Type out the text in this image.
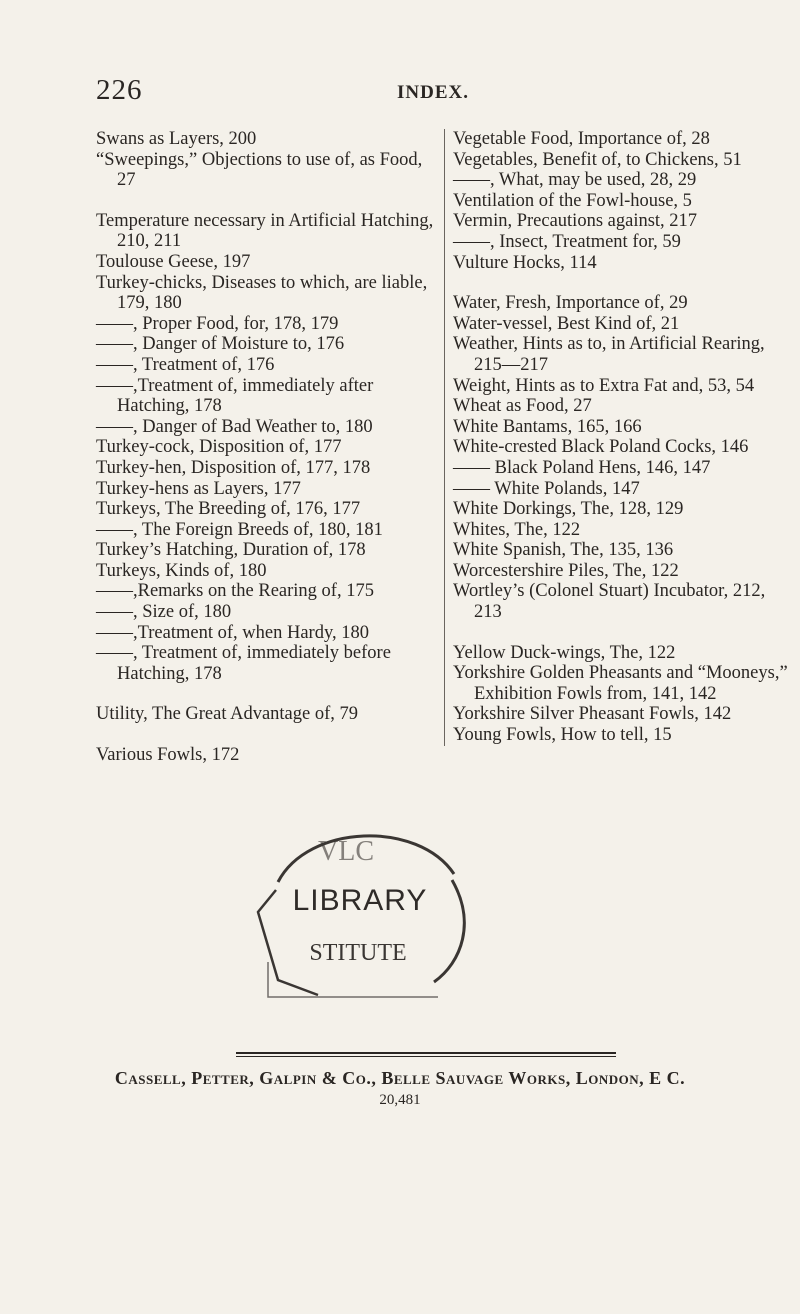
226	INDEX.
Swans as Layers, 200
“Sweepings,” Objections to use of, as Food, 27
Temperature necessary in Artificial Hatching, 210, 211
Toulouse Geese, 197
Turkey-chicks, Diseases to which, are liable, 179, 180
——, Proper Food, for, 178, 179
——, Danger of Moisture to, 176
——, Treatment of, 176
——,Treatment of, immediately after Hatching, 178
——, Danger of Bad Weather to, 180
Turkey-cock, Disposition of, 177
Turkey-hen, Disposition of, 177, 178
Turkey-hens as Layers, 177
Turkeys, The Breeding of, 176, 177
——, The Foreign Breeds of, 180, 181
Turkey’s Hatching, Duration of, 178
Turkeys, Kinds of, 180
——,Remarks on the Rearing of, 175
——, Size of, 180
——,Treatment of, when Hardy, 180
——, Treatment of, immediately before Hatching, 178
Utility, The Great Advantage of, 79
Various Fowls, 172
Vegetable Food, Importance of, 28
Vegetables, Benefit of, to Chickens, 51
——, What, may be used, 28, 29
Ventilation of the Fowl-house, 5
Vermin, Precautions against, 217
——, Insect, Treatment for, 59
Vulture Hocks, 114
Water, Fresh, Importance of, 29
Water-vessel, Best Kind of, 21
Weather, Hints as to, in Artificial Rearing, 215—217
Weight, Hints as to Extra Fat and, 53, 54
Wheat as Food, 27
White Bantams, 165, 166
White-crested Black Poland Cocks, 146
—— Black Poland Hens, 146, 147
—— White Polands, 147
White Dorkings, The, 128, 129
Whites, The, 122
White Spanish, The, 135, 136
Worcestershire Piles, The, 122
Wortley’s (Colonel Stuart) Incubator, 212, 213
Yellow Duck-wings, The, 122
Yorkshire Golden Pheasants and “Mooneys,” Exhibition Fowls from, 141, 142
Yorkshire Silver Pheasant Fowls, 142
Young Fowls, How to tell, 15
LIBRARY
VLC
STITUTE
Cassell, Petter, Galpin & Co., Belle Sauvage Works, London, E C.
20,481
